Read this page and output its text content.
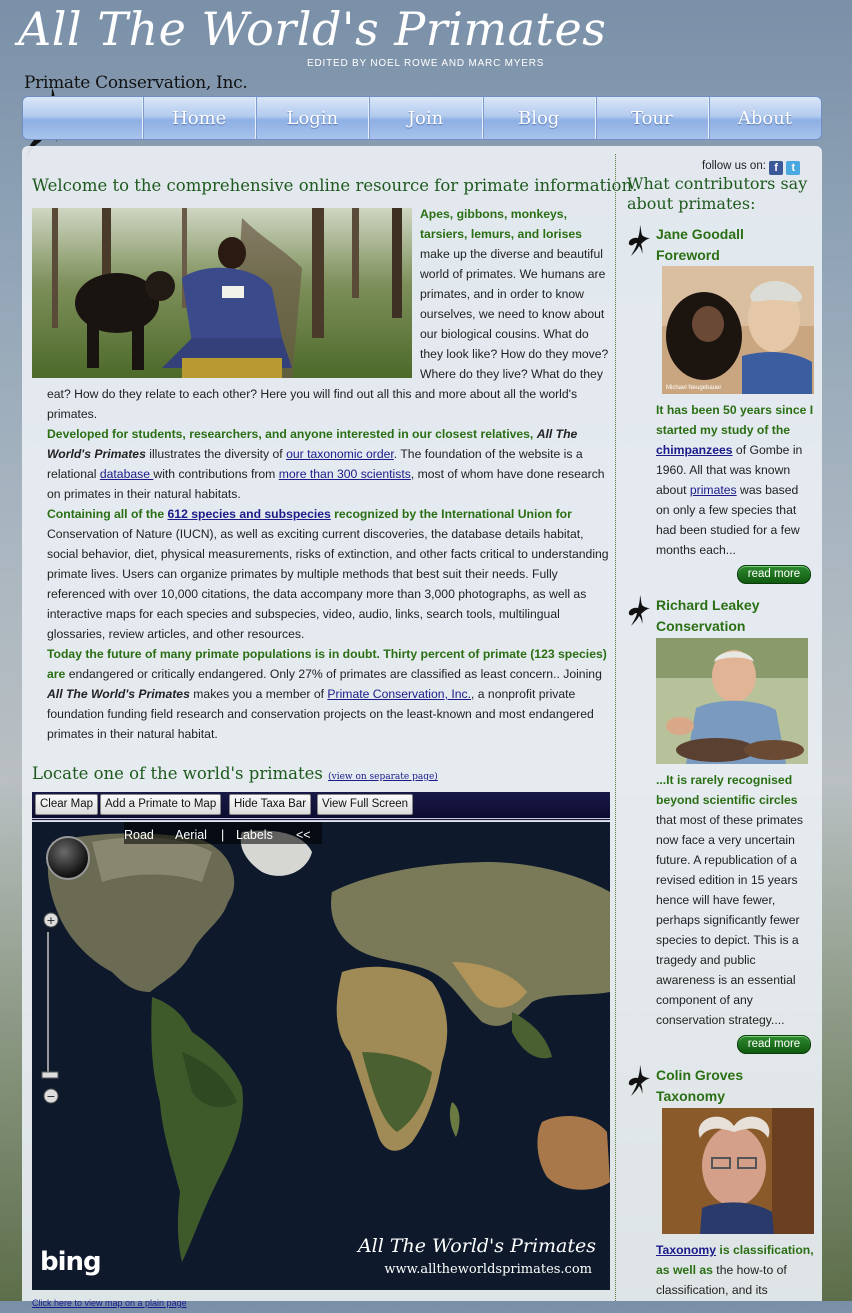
All The World's Primates
EDITED BY NOEL ROWE AND MARC MYERS
Primate Conservation, Inc.
Home	Login	Join	Blog	Tour	About
Welcome to the comprehensive online resource for primate information.

Apes, gibbons, monkeys, tarsiers, lemurs, and lorises make up the diverse and beautiful world of primates. We humans are primates, and in order to know ourselves, we need to know about our biological cousins. What do they look like? How do they move? Where do they live? What do they eat? How do they relate to each other? Here you will find out all this and more about all the world's primates.

Developed for students, researchers, and anyone interested in our closest relatives, All The World's Primates illustrates the diversity of our taxonomic order. The foundation of the website is a relational database with contributions from more than 300 scientists, most of whom have done research on primates in their natural habitats.

Containing all of the 612 species and subspecies recognized by the International Union for Conservation of Nature (IUCN), as well as exciting current discoveries, the database details habitat, social behavior, diet, physical measurements, risks of extinction, and other facts critical to understanding primate lives. Users can organize primates by multiple methods that best suit their needs. Fully referenced with over 10,000 citations, the data accompany more than 3,000 photographs, as well as interactive maps for each species and subspecies, video, audio, links, search tools, multilingual glossaries, review articles, and other resources.

Today the future of many primate populations is in doubt. Thirty percent of primate (123 species) are endangered or critically endangered. Only 27% of primates are classified as least concern.. Joining All The World's Primates makes you a member of Primate Conservation, Inc., a nonprofit private foundation funding field research and conservation projects on the least-known and most endangered primates in their natural habitat.

Locate one of the world's primates (view on separate page)
Clear Map	Add a Primate to Map	Hide Taxa Bar	View Full Screen
Road Aerial | Labels <<
+
−
bing
All The World's Primates
www.alltheworldsprimates.com
Click here to view map on a plain page
follow us on: f t
What contributors say about primates:
Jane Goodall
Foreword
Michael Neugebauer
It has been 50 years since I started my study of the chimpanzees of Gombe in 1960. All that was known about primates was based on only a few species that had been studied for a few months each...
read more
Richard Leakey
Conservation
...It is rarely recognised beyond scientific circles that most of these primates now face a very uncertain future. A republication of a revised edition in 15 years hence will have fewer, perhaps significantly fewer species to depict. This is a tragedy and public awareness is an essential component of any conservation strategy....
read more
Colin Groves
Taxonomy
Taxonomy is classification, as well as the how-to of classification, and its
